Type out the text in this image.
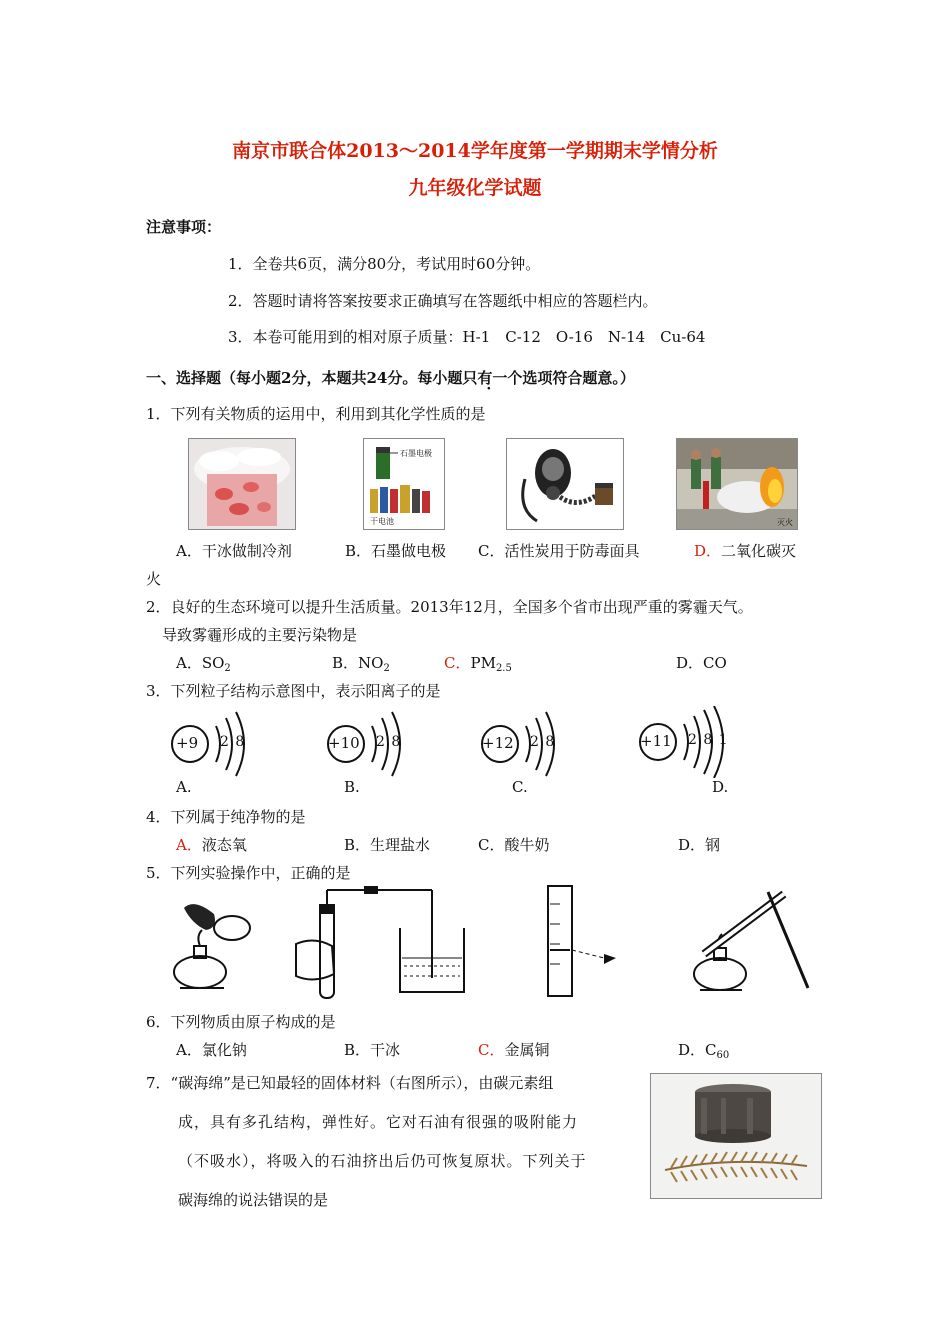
南京市联合体2013～2014学年度第一学期期末学情分析
九年级化学试题
注意事项：
1．全卷共6页，满分80分，考试用时60分钟。
2．答题时请将答案按要求正确填写在答题纸中相应的答题栏内。
3．本卷可能用到的相对原子质量：H-1　C-12　O-16　N-14　Cu-64
一、选择题（每小题2分，本题共24分。每小题只有一个选项符合题意。）
1．下列有关物质的运用中，利用到其化学性质的是
石墨电极
干电池	灭火
A．干冰做制冷剂	B．石墨做电极 C．活性炭用于防毒面具	D．二氧化碳灭
火
2．良好的生态环境可以提升生活质量。2013年12月，全国多个省市出现严重的雾霾天气。
导致雾霾形成的主要污染物是
A．$SO_2$	B．$NO_2$	C．$PM_{2.5}$	D．CO
3．下列粒子结构示意图中，表示阳离子的是
+9 2 8	+10 2 8	+12 2 8	+11 2 8 1
A.	B.	C.	D.
4．下列属于纯净物的是
A．液态氧	B．生理盐水	C．酸牛奶	D．钢
5．下列实验操作中，正确的是
6．下列物质由原子构成的是
A．氯化钠	B．干冰	C．金属铜	D．$C_{60}$
7．“碳海绵”是已知最轻的固体材料（右图所示），由碳元素组
成，具有多孔结构，弹性好。它对石油有很强的吸附能力
（不吸水），将吸入的石油挤出后仍可恢复原状。下列关于
碳海绵的说法错误的是
